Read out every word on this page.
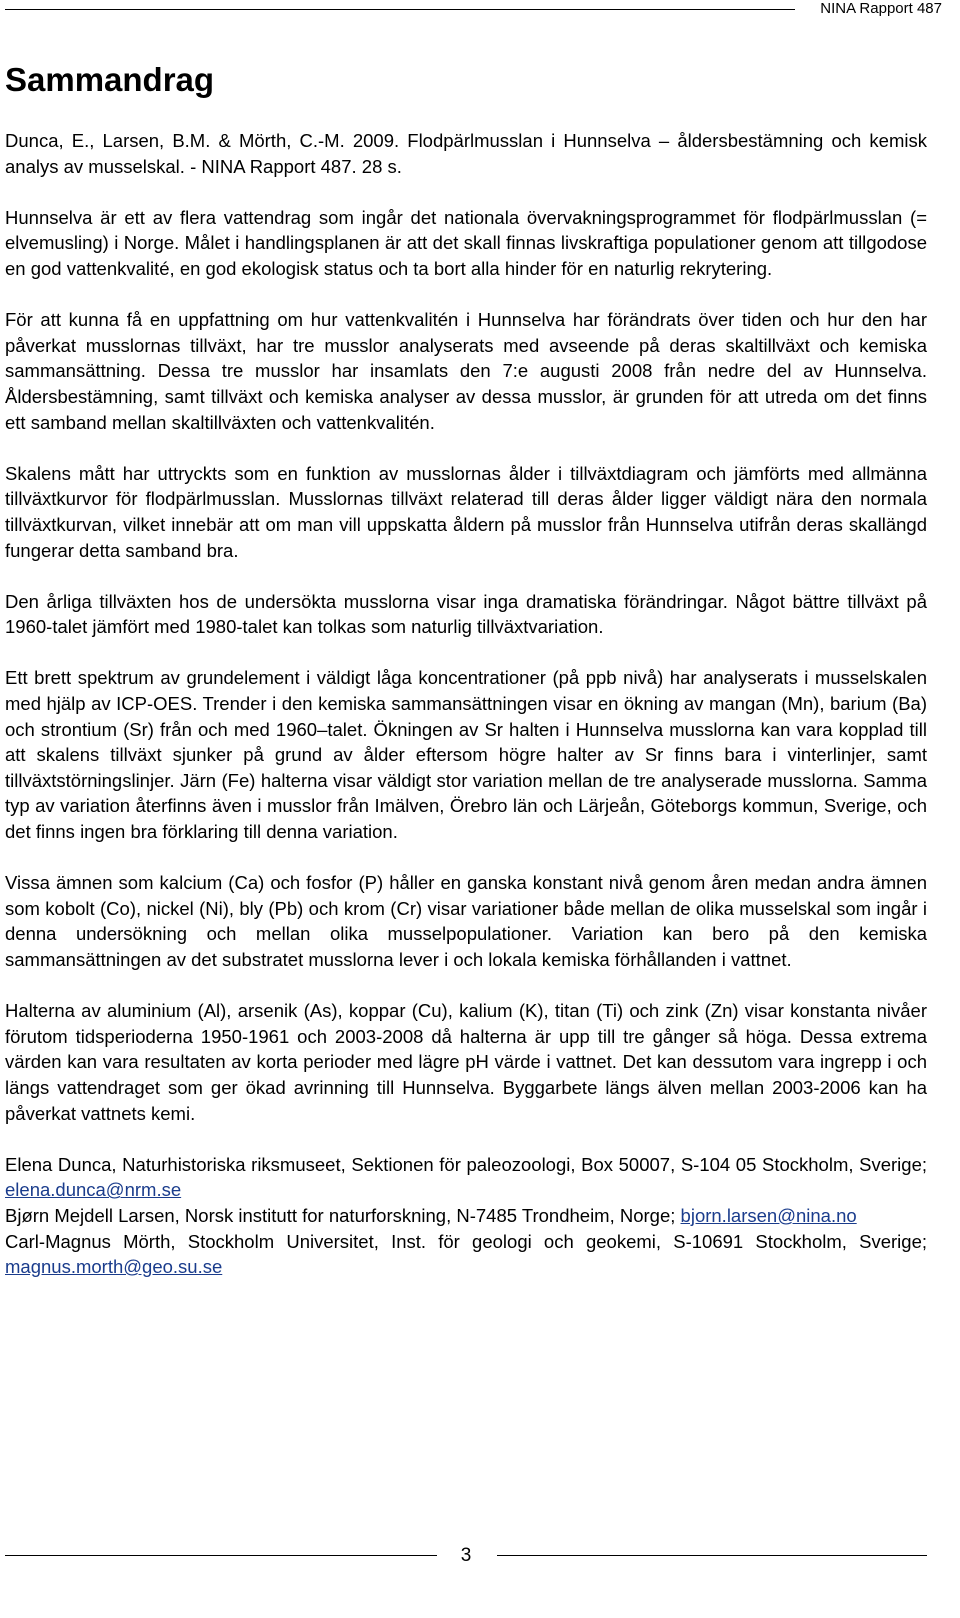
NINA Rapport 487
Sammandrag

Dunca, E., Larsen, B.M. & Mörth, C.-M. 2009. Flodpärlmusslan i Hunnselva – åldersbestämning och kemisk analys av musselskal. - NINA Rapport 487. 28 s.

Hunnselva är ett av flera vattendrag som ingår det nationala övervakningsprogrammet för flodpärlmusslan (= elvemusling) i Norge. Målet i handlingsplanen är att det skall finnas livskraftiga populationer genom att tillgodose en god vattenkvalité, en god ekologisk status och ta bort alla hinder för en naturlig rekrytering.

För att kunna få en uppfattning om hur vattenkvalitén i Hunnselva har förändrats över tiden och hur den har påverkat musslornas tillväxt, har tre musslor analyserats med avseende på deras skaltillväxt och kemiska sammansättning. Dessa tre musslor har insamlats den 7:e augusti 2008 från nedre del av Hunnselva. Åldersbestämning, samt tillväxt och kemiska analyser av dessa musslor, är grunden för att utreda om det finns ett samband mellan skaltillväxten och vattenkvalitén.

Skalens mått har uttryckts som en funktion av musslornas ålder i tillväxtdiagram och jämförts med allmänna tillväxtkurvor för flodpärlmusslan. Musslornas tillväxt relaterad till deras ålder ligger väldigt nära den normala tillväxtkurvan, vilket innebär att om man vill uppskatta åldern på musslor från Hunnselva utifrån deras skallängd fungerar detta samband bra.

Den årliga tillväxten hos de undersökta musslorna visar inga dramatiska förändringar. Något bättre tillväxt på 1960-talet jämfört med 1980-talet kan tolkas som naturlig tillväxtvariation.

Ett brett spektrum av grundelement i väldigt låga koncentrationer (på ppb nivå) har analyserats i musselskalen med hjälp av ICP-OES. Trender i den kemiska sammansättningen visar en ökning av mangan (Mn), barium (Ba) och strontium (Sr) från och med 1960–talet. Ökningen av Sr halten i Hunnselva musslorna kan vara kopplad till att skalens tillväxt sjunker på grund av ålder eftersom högre halter av Sr finns bara i vinterlinjer, samt tillväxtstörningslinjer. Järn (Fe) halterna visar väldigt stor variation mellan de tre analyserade musslorna. Samma typ av variation återfinns även i musslor från Imälven, Örebro län och Lärjeån, Göteborgs kommun, Sverige, och det finns ingen bra förklaring till denna variation.

Vissa ämnen som kalcium (Ca) och fosfor (P) håller en ganska konstant nivå genom åren medan andra ämnen som kobolt (Co), nickel (Ni), bly (Pb) och krom (Cr) visar variationer både mellan de olika musselskal som ingår i denna undersökning och mellan olika musselpopulationer. Variation kan bero på den kemiska sammansättningen av det substratet musslorna lever i och lokala kemiska förhållanden i vattnet.

Halterna av aluminium (Al), arsenik (As), koppar (Cu), kalium (K), titan (Ti) och zink (Zn) visar konstanta nivåer förutom tidsperioderna 1950-1961 och 2003-2008 då halterna är upp till tre gånger så höga. Dessa extrema värden kan vara resultaten av korta perioder med lägre pH värde i vattnet. Det kan dessutom vara ingrepp i och längs vattendraget som ger ökad avrinning till Hunnselva. Byggarbete längs älven mellan 2003-2006 kan ha påverkat vattnets kemi.

Elena Dunca, Naturhistoriska riksmuseet, Sektionen för paleozoologi, Box 50007, S-104 05 Stockholm, Sverige; elena.dunca@nrm.se

Bjørn Mejdell Larsen, Norsk institutt for naturforskning, N-7485 Trondheim, Norge; bjorn.larsen@nina.no

Carl-Magnus Mörth, Stockholm Universitet, Inst. för geologi och geokemi, S-10691 Stockholm, Sverige; magnus.morth@geo.su.se

3
